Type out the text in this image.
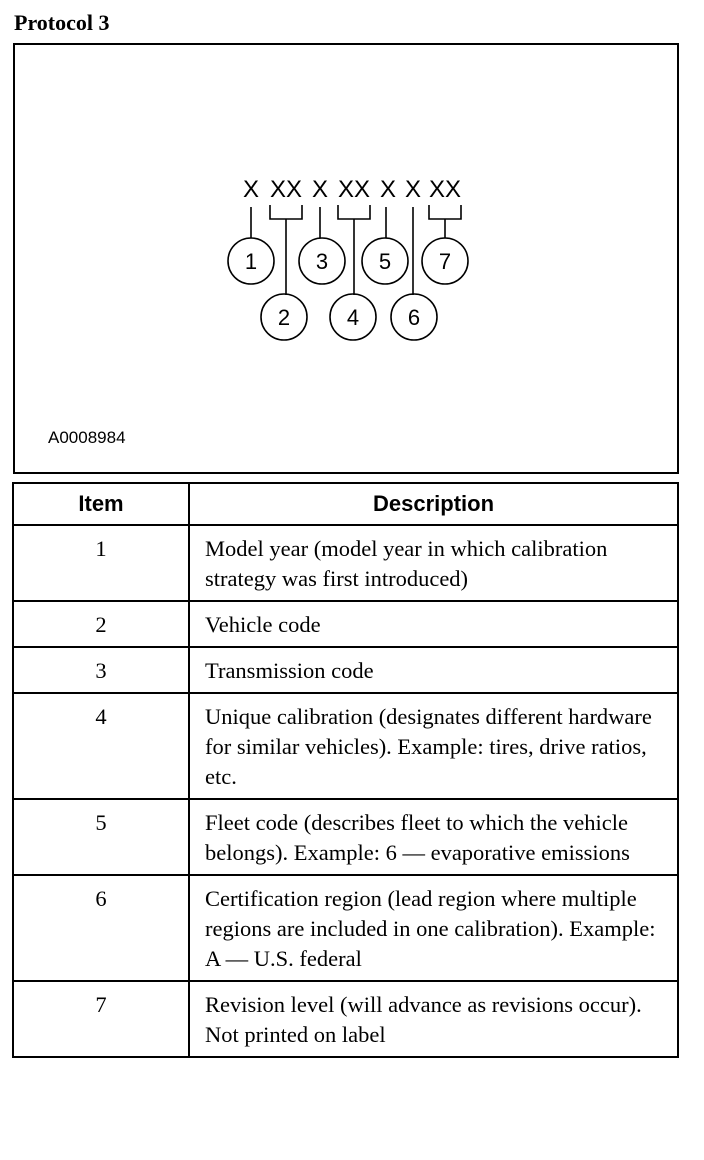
Protocol 3
X XX X XX X X XX
1	3 5 7
2	4 6
A0008984
Item	Description
1	Model year (model year in which calibration strategy was first introduced)
2	Vehicle code
3	Transmission code
4	Unique calibration (designates different hardware for similar vehicles). Example: tires, drive ratios, etc.
5	Fleet code (describes fleet to which the vehicle belongs). Example: 6 — evaporative emissions
6	Certification region (lead region where multiple regions are included in one calibration). Example: A — U.S. federal
7	Revision level (will advance as revisions occur). Not printed on label
